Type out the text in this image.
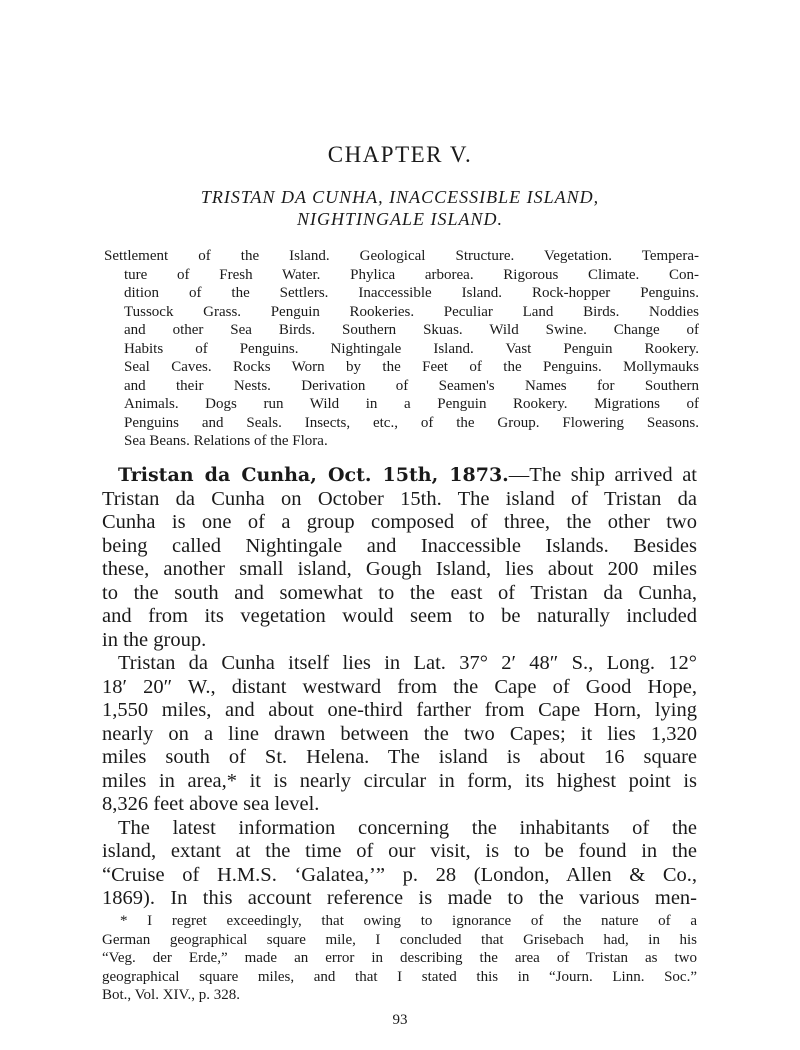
CHAPTER V.
TRISTAN DA CUNHA, INACCESSIBLE ISLAND,
NIGHTINGALE ISLAND.
Settlement of the Island. Geological Structure. Vegetation. Tempera-
ture of Fresh Water. Phylica arborea. Rigorous Climate. Con-
dition of the Settlers. Inaccessible Island. Rock-hopper Penguins.
Tussock Grass. Penguin Rookeries. Peculiar Land Birds. Noddies
and other Sea Birds. Southern Skuas. Wild Swine. Change of
Habits of Penguins. Nightingale Island. Vast Penguin Rookery.
Seal Caves. Rocks Worn by the Feet of the Penguins. Mollymauks
and their Nests. Derivation of Seamen's Names for Southern
Animals. Dogs run Wild in a Penguin Rookery. Migrations of
Penguins and Seals. Insects, etc., of the Group. Flowering Seasons.
Sea Beans. Relations of the Flora.
Tristan da Cunha, Oct. 15th, 1873.—The ship arrived at
Tristan da Cunha on October 15th. The island of Tristan da
Cunha is one of a group composed of three, the other two
being called Nightingale and Inaccessible Islands. Besides
these, another small island, Gough Island, lies about 200 miles
to the south and somewhat to the east of Tristan da Cunha,
and from its vegetation would seem to be naturally included
in the group.
Tristan da Cunha itself lies in Lat. 37° 2′ 48″ S., Long. 12°
18′ 20″ W., distant westward from the Cape of Good Hope,
1,550 miles, and about one-third farther from Cape Horn, lying
nearly on a line drawn between the two Capes; it lies 1,320
miles south of St. Helena. The island is about 16 square
miles in area,* it is nearly circular in form, its highest point is
8,326 feet above sea level.
The latest information concerning the inhabitants of the
island, extant at the time of our visit, is to be found in the
“Cruise of H.M.S. ‘Galatea,’” p. 28 (London, Allen & Co.,
1869). In this account reference is made to the various men-
* I regret exceedingly, that owing to ignorance of the nature of a
German geographical square mile, I concluded that Grisebach had, in his
“Veg. der Erde,” made an error in describing the area of Tristan as two
geographical square miles, and that I stated this in “Journ. Linn. Soc.”
Bot., Vol. XIV., p. 328.
93
